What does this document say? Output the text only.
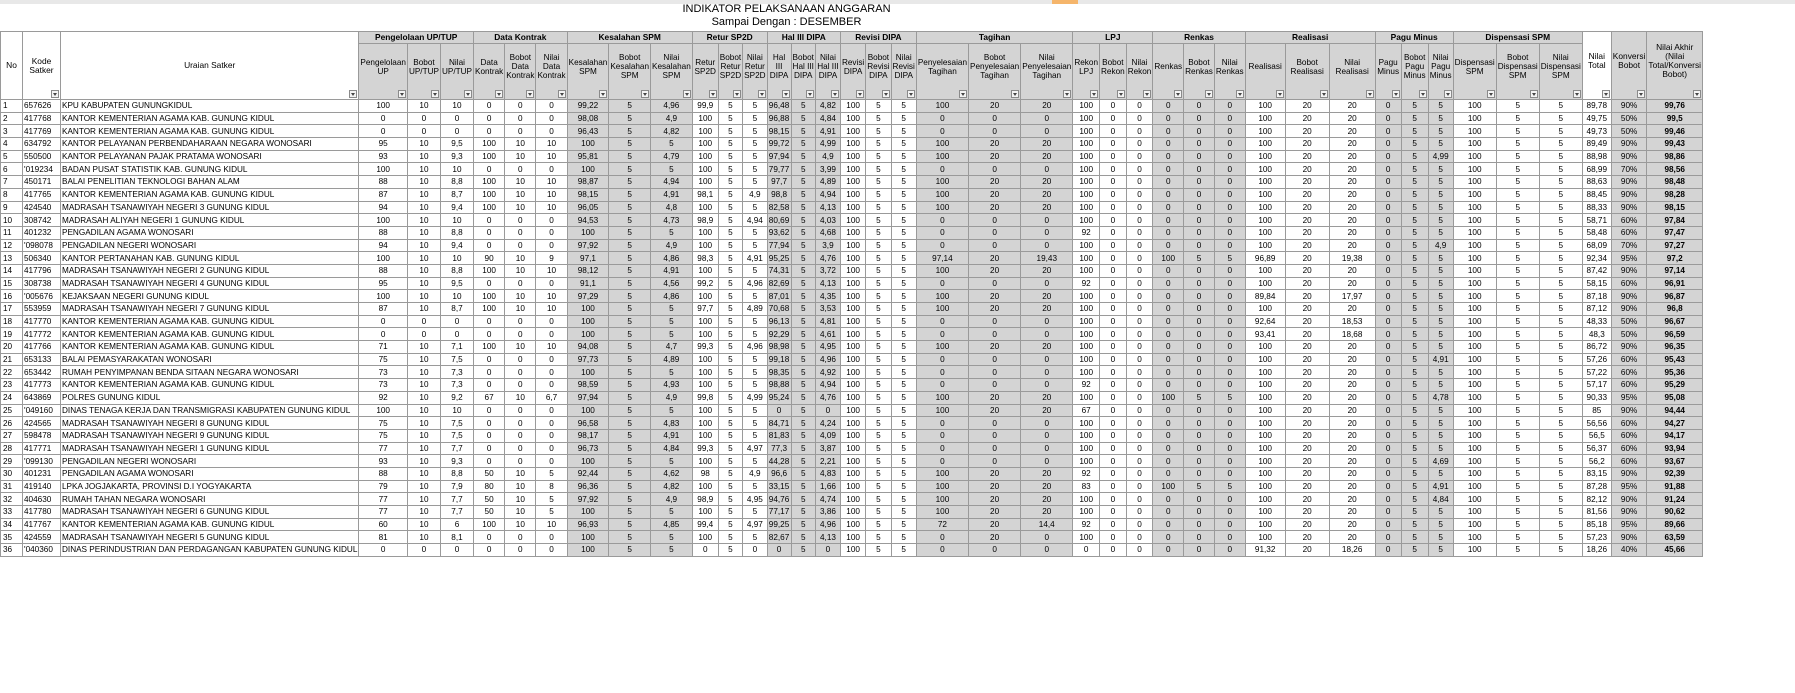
INDIKATOR PELAKSANAAN ANGGARAN
Sampai Dengan : DESEMBER
No	Kode Satker	Uraian Satker	Pengelolaan UP/TUP			Data Kontrak			Kesalahan SPM			Retur SP2D			Hal III DIPA			Revisi DIPA			Tagihan			LPJ			Renkas			Realisasi			Pagu Minus			Dispensasi SPM			Nilai Total	Konversi Bobot	Nilai Akhir (Nilai Total/Konversi Bobot)

			Pengelolaan UP	Bobot UP/TUP	Nilai UP/TUP	Data Kontrak	Bobot Data Kontrak	Nilai Data Kontrak	Kesalahan SPM	Bobot Kesalahan SPM	Nilai Kesalahan SPM	Retur SP2D	Bobot Retur SP2D	Nilai Retur SP2D	Hal III DIPA	Bobot Hal III DIPA	Nilai Hal III DIPA	Revisi DIPA	Bobot Revisi DIPA	Nilai Revisi DIPA	Penyelesaian Tagihan	Bobot Penyelesaian Tagihan	Nilai Penyelesaian Tagihan	Rekon LPJ	Bobot Rekon	Nilai Rekon	Renkas	Bobot Renkas	Nilai Renkas	Realisasi	Bobot Realisasi	Nilai Realisasi	Pagu Minus	Bobot Pagu Minus	Nilai Pagu Minus	Dispensasi SPM	Bobot Dispensasi SPM	Nilai Dispensasi SPM			

1	657626	KPU KABUPATEN GUNUNGKIDUL	100	10	10	0	0	0	99,22	5	4,96	99,9	5	5	96,48	5	4,82	100	5	5	100	20	20	100	0	0	0	0	0	100	20	20	0	5	5	100	5	5	89,78	90%	99,76
2	417768	KANTOR KEMENTERIAN AGAMA KAB. GUNUNG KIDUL	0	0	0	0	0	0	98,08	5	4,9	100	5	5	96,88	5	4,84	100	5	5	0	0	0	100	0	0	0	0	0	100	20	20	0	5	5	100	5	5	49,75	50%	99,5
3	417769	KANTOR KEMENTERIAN AGAMA KAB. GUNUNG KIDUL	0	0	0	0	0	0	96,43	5	4,82	100	5	5	98,15	5	4,91	100	5	5	0	0	0	100	0	0	0	0	0	100	20	20	0	5	5	100	5	5	49,73	50%	99,46
4	634792	KANTOR PELAYANAN PERBENDAHARAAN NEGARA WONOSARI	95	10	9,5	100	10	10	100	5	5	100	5	5	99,72	5	4,99	100	5	5	100	20	20	100	0	0	0	0	0	100	20	20	0	5	5	100	5	5	89,49	90%	99,43
5	550500	KANTOR PELAYANAN PAJAK PRATAMA WONOSARI	93	10	9,3	100	10	10	95,81	5	4,79	100	5	5	97,94	5	4,9	100	5	5	100	20	20	100	0	0	0	0	0	100	20	20	0	5	4,99	100	5	5	88,98	90%	98,86
6	'019234	BADAN PUSAT STATISTIK KAB. GUNUNG KIDUL	100	10	10	0	0	0	100	5	5	100	5	5	79,77	5	3,99	100	5	5	0	0	0	100	0	0	0	0	0	100	20	20	0	5	5	100	5	5	68,99	70%	98,56
7	450171	BALAI PENELITIAN TEKNOLOGI BAHAN ALAM	88	10	8,8	100	10	10	98,87	5	4,94	100	5	5	97,7	5	4,89	100	5	5	100	20	20	100	0	0	0	0	0	100	20	20	0	5	5	100	5	5	88,63	90%	98,48
8	417765	KANTOR KEMENTERIAN AGAMA KAB. GUNUNG KIDUL	87	10	8,7	100	10	10	98,15	5	4,91	98,1	5	4,9	98,8	5	4,94	100	5	5	100	20	20	100	0	0	0	0	0	100	20	20	0	5	5	100	5	5	88,45	90%	98,28
9	424540	MADRASAH TSANAWIYAH NEGERI 3 GUNUNG KIDUL	94	10	9,4	100	10	10	96,05	5	4,8	100	5	5	82,58	5	4,13	100	5	5	100	20	20	100	0	0	0	0	0	100	20	20	0	5	5	100	5	5	88,33	90%	98,15
10	308742	MADRASAH ALIYAH NEGERI 1 GUNUNG KIDUL	100	10	10	0	0	0	94,53	5	4,73	98,9	5	4,94	80,69	5	4,03	100	5	5	0	0	0	100	0	0	0	0	0	100	20	20	0	5	5	100	5	5	58,71	60%	97,84
11	401232	PENGADILAN AGAMA WONOSARI	88	10	8,8	0	0	0	100	5	5	100	5	5	93,62	5	4,68	100	5	5	0	0	0	92	0	0	0	0	0	100	20	20	0	5	5	100	5	5	58,48	60%	97,47
12	'098078	PENGADILAN NEGERI WONOSARI	94	10	9,4	0	0	0	97,92	5	4,9	100	5	5	77,94	5	3,9	100	5	5	0	0	0	100	0	0	0	0	0	100	20	20	0	5	4,9	100	5	5	68,09	70%	97,27
13	506340	KANTOR PERTANAHAN KAB. GUNUNG KIDUL	100	10	10	90	10	9	97,1	5	4,86	98,3	5	4,91	95,25	5	4,76	100	5	5	97,14	20	19,43	100	0	0	100	5	5	96,89	20	19,38	0	5	5	100	5	5	92,34	95%	97,2
14	417796	MADRASAH TSANAWIYAH NEGERI 2 GUNUNG KIDUL	88	10	8,8	100	10	10	98,12	5	4,91	100	5	5	74,31	5	3,72	100	5	5	100	20	20	100	0	0	0	0	0	100	20	20	0	5	5	100	5	5	87,42	90%	97,14
15	308738	MADRASAH TSANAWIYAH NEGERI 4 GUNUNG KIDUL	95	10	9,5	0	0	0	91,1	5	4,56	99,2	5	4,96	82,69	5	4,13	100	5	5	0	0	0	92	0	0	0	0	0	100	20	20	0	5	5	100	5	5	58,15	60%	96,91
16	'005676	KEJAKSAAN NEGERI GUNUNG KIDUL	100	10	10	100	10	10	97,29	5	4,86	100	5	5	87,01	5	4,35	100	5	5	100	20	20	100	0	0	0	0	0	89,84	20	17,97	0	5	5	100	5	5	87,18	90%	96,87
17	553959	MADRASAH TSANAWIYAH NEGERI 7 GUNUNG KIDUL	87	10	8,7	100	10	10	100	5	5	97,7	5	4,89	70,68	5	3,53	100	5	5	100	20	20	100	0	0	0	0	0	100	20	20	0	5	5	100	5	5	87,12	90%	96,8
18	417770	KANTOR KEMENTERIAN AGAMA KAB. GUNUNG KIDUL	0	0	0	0	0	0	100	5	5	100	5	5	96,13	5	4,81	100	5	5	0	0	0	100	0	0	0	0	0	92,64	20	18,53	0	5	5	100	5	5	48,33	50%	96,67
19	417772	KANTOR KEMENTERIAN AGAMA KAB. GUNUNG KIDUL	0	0	0	0	0	0	100	5	5	100	5	5	92,29	5	4,61	100	5	5	0	0	0	100	0	0	0	0	0	93,41	20	18,68	0	5	5	100	5	5	48,3	50%	96,59
20	417766	KANTOR KEMENTERIAN AGAMA KAB. GUNUNG KIDUL	71	10	7,1	100	10	10	94,08	5	4,7	99,3	5	4,96	98,98	5	4,95	100	5	5	100	20	20	100	0	0	0	0	0	100	20	20	0	5	5	100	5	5	86,72	90%	96,35
21	653133	BALAI PEMASYARAKATAN WONOSARI	75	10	7,5	0	0	0	97,73	5	4,89	100	5	5	99,18	5	4,96	100	5	5	0	0	0	100	0	0	0	0	0	100	20	20	0	5	4,91	100	5	5	57,26	60%	95,43
22	653442	RUMAH PENYIMPANAN BENDA SITAAN NEGARA WONOSARI	73	10	7,3	0	0	0	100	5	5	100	5	5	98,35	5	4,92	100	5	5	0	0	0	100	0	0	0	0	0	100	20	20	0	5	5	100	5	5	57,22	60%	95,36
23	417773	KANTOR KEMENTERIAN AGAMA KAB. GUNUNG KIDUL	73	10	7,3	0	0	0	98,59	5	4,93	100	5	5	98,88	5	4,94	100	5	5	0	0	0	92	0	0	0	0	0	100	20	20	0	5	5	100	5	5	57,17	60%	95,29
24	643869	POLRES GUNUNG KIDUL	92	10	9,2	67	10	6,7	97,94	5	4,9	99,8	5	4,99	95,24	5	4,76	100	5	5	100	20	20	100	0	0	100	5	5	100	20	20	0	5	4,78	100	5	5	90,33	95%	95,08
25	'049160	DINAS TENAGA KERJA DAN TRANSMIGRASI KABUPATEN GUNUNG KIDUL	100	10	10	0	0	0	100	5	5	100	5	5	0	5	0	100	5	5	100	20	20	67	0	0	0	0	0	100	20	20	0	5	5	100	5	5	85	90%	94,44
26	424565	MADRASAH TSANAWIYAH NEGERI 8 GUNUNG KIDUL	75	10	7,5	0	0	0	96,58	5	4,83	100	5	5	84,71	5	4,24	100	5	5	0	0	0	100	0	0	0	0	0	100	20	20	0	5	5	100	5	5	56,56	60%	94,27
27	598478	MADRASAH TSANAWIYAH NEGERI 9 GUNUNG KIDUL	75	10	7,5	0	0	0	98,17	5	4,91	100	5	5	81,83	5	4,09	100	5	5	0	0	0	100	0	0	0	0	0	100	20	20	0	5	5	100	5	5	56,5	60%	94,17
28	417771	MADRASAH TSANAWIYAH NEGERI 1 GUNUNG KIDUL	77	10	7,7	0	0	0	96,73	5	4,84	99,3	5	4,97	77,3	5	3,87	100	5	5	0	0	0	100	0	0	0	0	0	100	20	20	0	5	5	100	5	5	56,37	60%	93,94
29	'099130	PENGADILAN NEGERI WONOSARI	93	10	9,3	0	0	0	100	5	5	100	5	5	44,28	5	2,21	100	5	5	0	0	0	100	0	0	0	0	0	100	20	20	0	5	4,69	100	5	5	56,2	60%	93,67
30	401231	PENGADILAN AGAMA WONOSARI	88	10	8,8	50	10	5	92,44	5	4,62	98	5	4,9	96,6	5	4,83	100	5	5	100	20	20	92	0	0	0	0	0	100	20	20	0	5	5	100	5	5	83,15	90%	92,39
31	419140	LPKA JOGJAKARTA, PROVINSI D.I YOGYAKARTA	79	10	7,9	80	10	8	96,36	5	4,82	100	5	5	33,15	5	1,66	100	5	5	100	20	20	83	0	0	100	5	5	100	20	20	0	5	4,91	100	5	5	87,28	95%	91,88
32	404630	RUMAH TAHAN NEGARA WONOSARI	77	10	7,7	50	10	5	97,92	5	4,9	98,9	5	4,95	94,76	5	4,74	100	5	5	100	20	20	100	0	0	0	0	0	100	20	20	0	5	4,84	100	5	5	82,12	90%	91,24
33	417780	MADRASAH TSANAWIYAH NEGERI 6 GUNUNG KIDUL	77	10	7,7	50	10	5	100	5	5	100	5	5	77,17	5	3,86	100	5	5	100	20	20	100	0	0	0	0	0	100	20	20	0	5	5	100	5	5	81,56	90%	90,62
34	417767	KANTOR KEMENTERIAN AGAMA KAB. GUNUNG KIDUL	60	10	6	100	10	10	96,93	5	4,85	99,4	5	4,97	99,25	5	4,96	100	5	5	72	20	14,4	92	0	0	0	0	0	100	20	20	0	5	5	100	5	5	85,18	95%	89,66
35	424559	MADRASAH TSANAWIYAH NEGERI 5 GUNUNG KIDUL	81	10	8,1	0	0	0	100	5	5	100	5	5	82,67	5	4,13	100	5	5	0	20	0	100	0	0	0	0	0	100	20	20	0	5	5	100	5	5	57,23	90%	63,59
36	'040360	DINAS PERINDUSTRIAN DAN PERDAGANGAN KABUPATEN GUNUNG KIDUL	0	0	0	0	0	0	100	5	5	0	5	0	0	5	0	100	5	5	0	0	0	0	0	0	0	0	0	91,32	20	18,26	0	5	5	100	5	5	18,26	40%	45,66
